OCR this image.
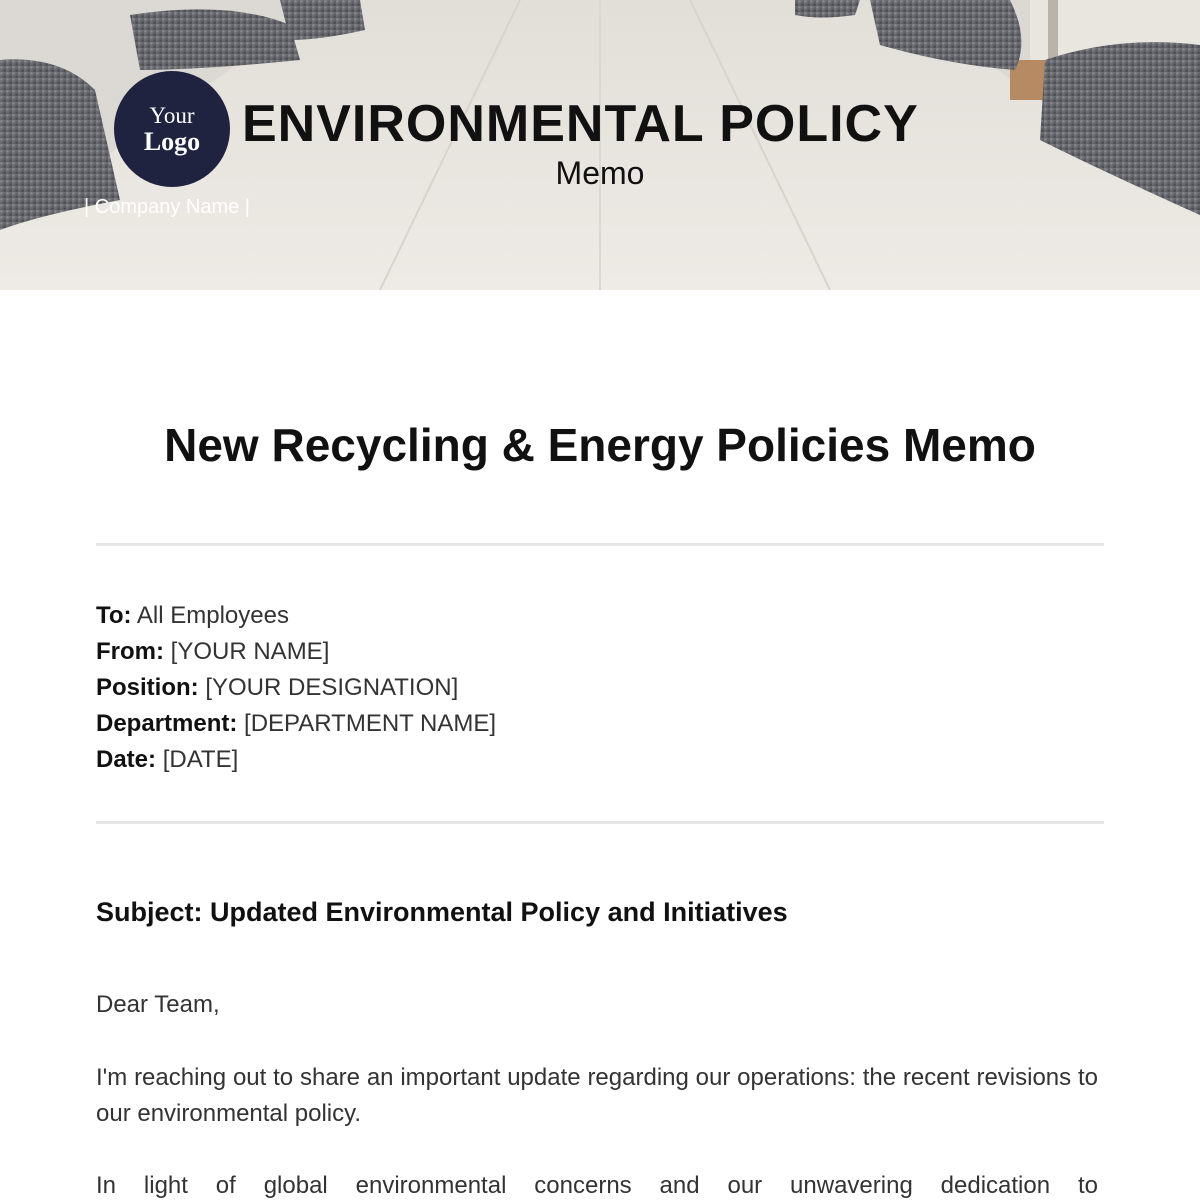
Your
Logo
| Company Name |
ENVIRONMENTAL POLICY
Memo
New Recycling & Energy Policies Memo
To: All Employees
From: [YOUR NAME]
Position: [YOUR DESIGNATION]
Department: [DEPARTMENT NAME]
Date: [DATE]
Subject: Updated Environmental Policy and Initiatives
Dear Team,
I'm reaching out to share an important update regarding our operations: the recent revisions to our environmental policy.
In light of global environmental concerns and our unwavering dedication to
